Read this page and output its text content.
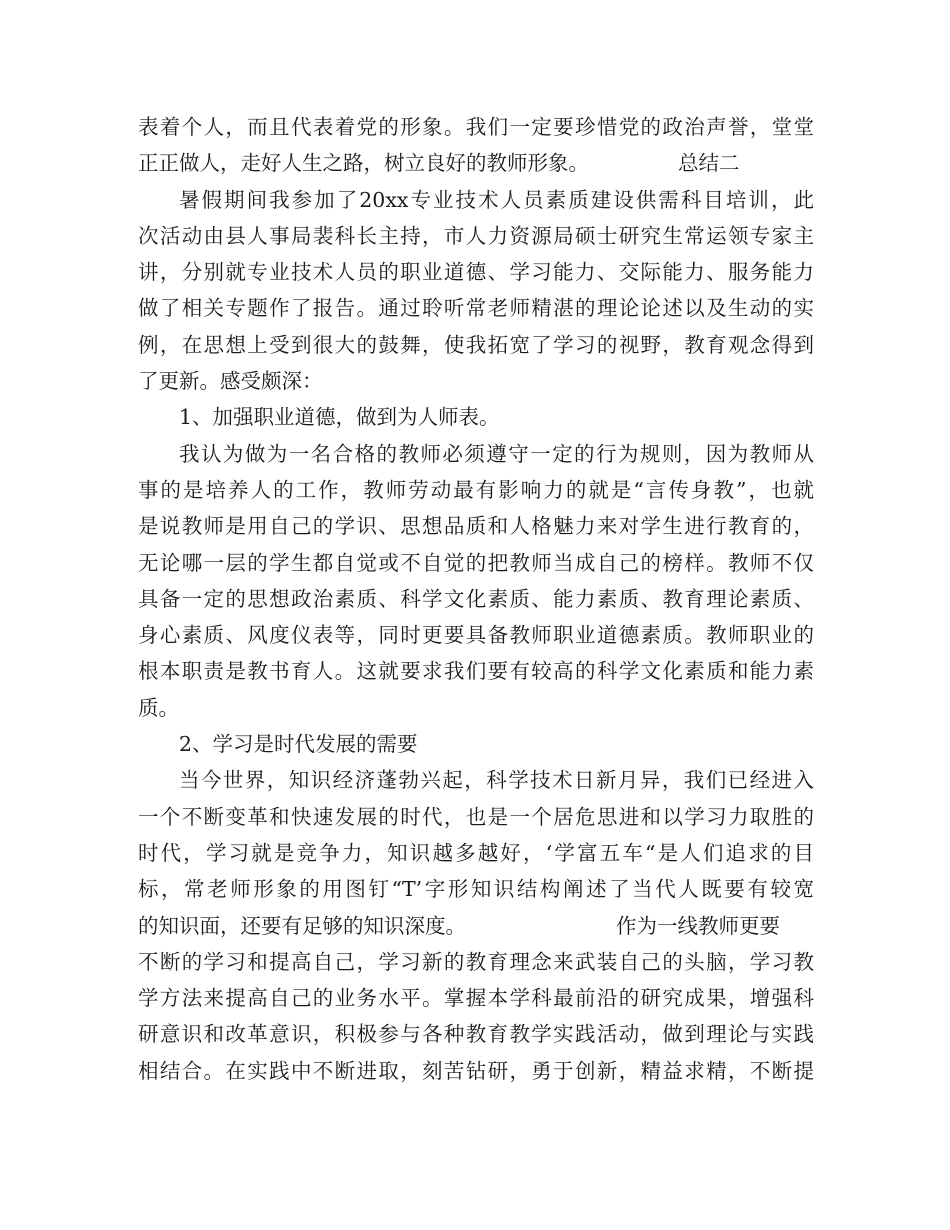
表着个人，而且代表着党的形象。我们一定要珍惜党的政治声誉，堂堂
正正做人，走好人生之路，树立良好的教师形象。	总结二
暑假期间我参加了20xx专业技术人员素质建设供需科目培训，此
次活动由县人事局裴科长主持，市人力资源局硕士研究生常运领专家主
讲，分别就专业技术人员的职业道德、学习能力、交际能力、服务能力
做了相关专题作了报告。通过聆听常老师精湛的理论论述以及生动的实
例，在思想上受到很大的鼓舞，使我拓宽了学习的视野，教育观念得到
了更新。感受颇深：
1、加强职业道德，做到为人师表。
我认为做为一名合格的教师必须遵守一定的行为规则，因为教师从
事的是培养人的工作，教师劳动最有影响力的就是“言传身教”，也就
是说教师是用自己的学识、思想品质和人格魅力来对学生进行教育的，
无论哪一层的学生都自觉或不自觉的把教师当成自己的榜样。教师不仅
具备一定的思想政治素质、科学文化素质、能力素质、教育理论素质、
身心素质、风度仪表等，同时更要具备教师职业道德素质。教师职业的
根本职责是教书育人。这就要求我们要有较高的科学文化素质和能力素
质。
2、学习是时代发展的需要
当今世界，知识经济蓬勃兴起，科学技术日新月异，我们已经进入
一个不断变革和快速发展的时代，也是一个居危思进和以学习力取胜的
时代，学习就是竞争力，知识越多越好，‘学富五车“是人们追求的目
标，常老师形象的用图钉“T’字形知识结构阐述了当代人既要有较宽
的知识面，还要有足够的知识深度。	作为一线教师更要
不断的学习和提高自己，学习新的教育理念来武装自己的头脑，学习教
学方法来提高自己的业务水平。掌握本学科最前沿的研究成果，增强科
研意识和改革意识，积极参与各种教育教学实践活动，做到理论与实践
相结合。在实践中不断进取，刻苦钻研，勇于创新，精益求精，不断提
